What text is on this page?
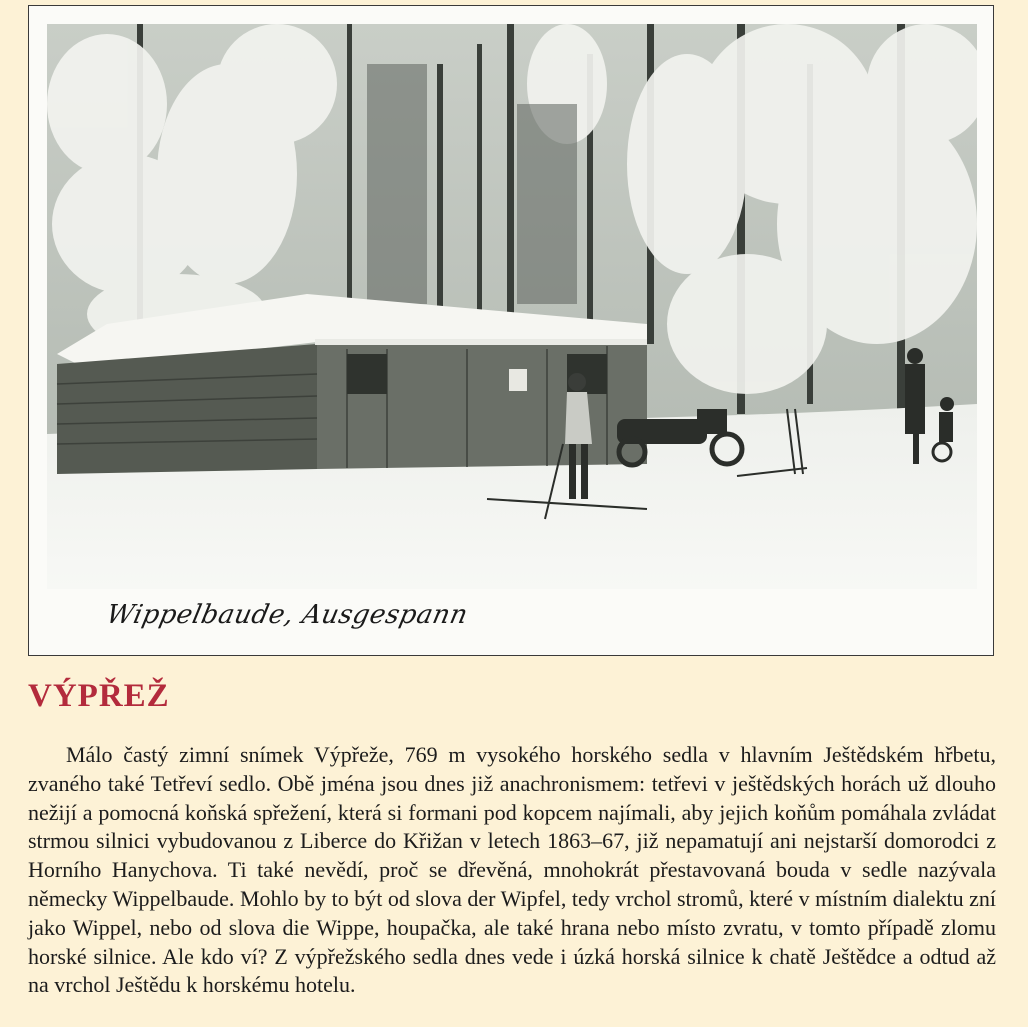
Wippelbaude, Ausgespann
VÝPŘEŽ

Málo častý zimní snímek Výpřeže, 769 m vysokého horského sedla v hlavním Ještědském hřbetu, zvaného také Tetřeví sedlo. Obě jména jsou dnes již anachronismem: tetřevi v ještědských horách už dlouho nežijí a pomocná koňská spřežení, která si formani pod kopcem najímali, aby jejich koňům pomáhala zvládat strmou silnici vybudovanou z Liberce do Křižan v letech 1863–67, již nepamatují ani nejstarší domorodci z Horního Hanychova. Ti také nevědí, proč se dřevěná, mnohokrát přestavovaná bouda v sedle nazývala německy Wippelbaude. Mohlo by to být od slova der Wipfel, tedy vrchol stromů, které v místním dialektu zní jako Wippel, nebo od slova die Wippe, houpačka, ale také hrana nebo místo zvratu, v tomto případě zlomu horské silnice. Ale kdo ví? Z výpřežského sedla dnes vede i úzká horská silnice k chatě Ještědce a odtud až na vrchol Ještědu k horskému hotelu.
